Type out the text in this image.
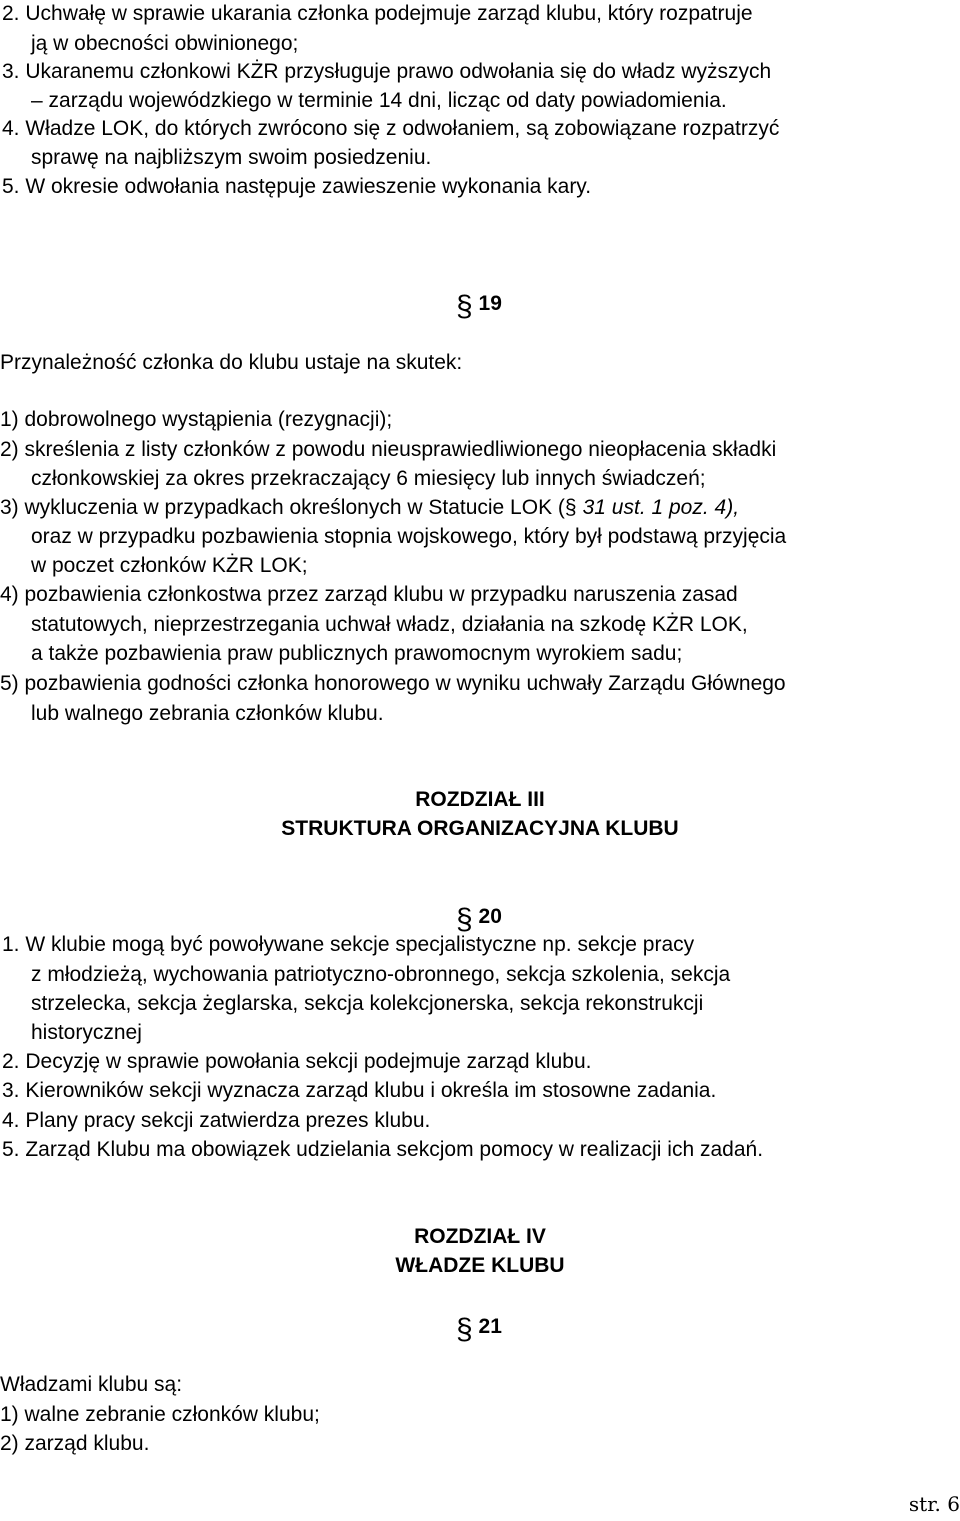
2. Uchwałę w sprawie ukarania członka podejmuje zarząd klubu, który rozpatruje
ją w obecności obwinionego;
3. Ukaranemu członkowi KŻR przysługuje prawo odwołania się do władz wyższych
– zarządu wojewódzkiego w terminie 14 dni, licząc od daty powiadomienia.
4. Władze LOK, do których zwrócono się z odwołaniem, są zobowiązane rozpatrzyć
sprawę na najbliższym swoim posiedzeniu.
5. W okresie odwołania następuje zawieszenie wykonania kary.
§ 19
Przynależność członka do klubu ustaje na skutek:
1) dobrowolnego wystąpienia (rezygnacji);
2) skreślenia z listy członków z powodu nieusprawiedliwionego nieopłacenia składki
członkowskiej za okres przekraczający 6 miesięcy lub innych świadczeń;
3) wykluczenia w przypadkach określonych w Statucie LOK (§ 31 ust. 1 poz. 4),
oraz w przypadku pozbawienia stopnia wojskowego, który był podstawą przyjęcia
w poczet członków KŻR LOK;
4) pozbawienia członkostwa przez zarząd klubu w przypadku naruszenia zasad
statutowych, nieprzestrzegania uchwał władz, działania na szkodę KŻR LOK,
a także pozbawienia praw publicznych prawomocnym wyrokiem sadu;
5) pozbawienia godności członka honorowego w wyniku uchwały Zarządu Głównego
lub walnego zebrania członków klubu.
ROZDZIAŁ III
STRUKTURA ORGANIZACYJNA KLUBU
§ 20
1. W klubie mogą być powoływane sekcje specjalistyczne np. sekcje pracy
z młodzieżą, wychowania patriotyczno-obronnego, sekcja szkolenia, sekcja
strzelecka, sekcja żeglarska, sekcja kolekcjonerska, sekcja rekonstrukcji
historycznej
2. Decyzję w sprawie powołania sekcji podejmuje zarząd klubu.
3. Kierowników sekcji wyznacza zarząd klubu i określa im stosowne zadania.
4. Plany pracy sekcji zatwierdza prezes klubu.
5. Zarząd Klubu ma obowiązek udzielania sekcjom pomocy w realizacji ich zadań.
ROZDZIAŁ IV
WŁADZE KLUBU
§ 21
Władzami klubu są:
1) walne zebranie członków klubu;
2) zarząd klubu.
str. 6
